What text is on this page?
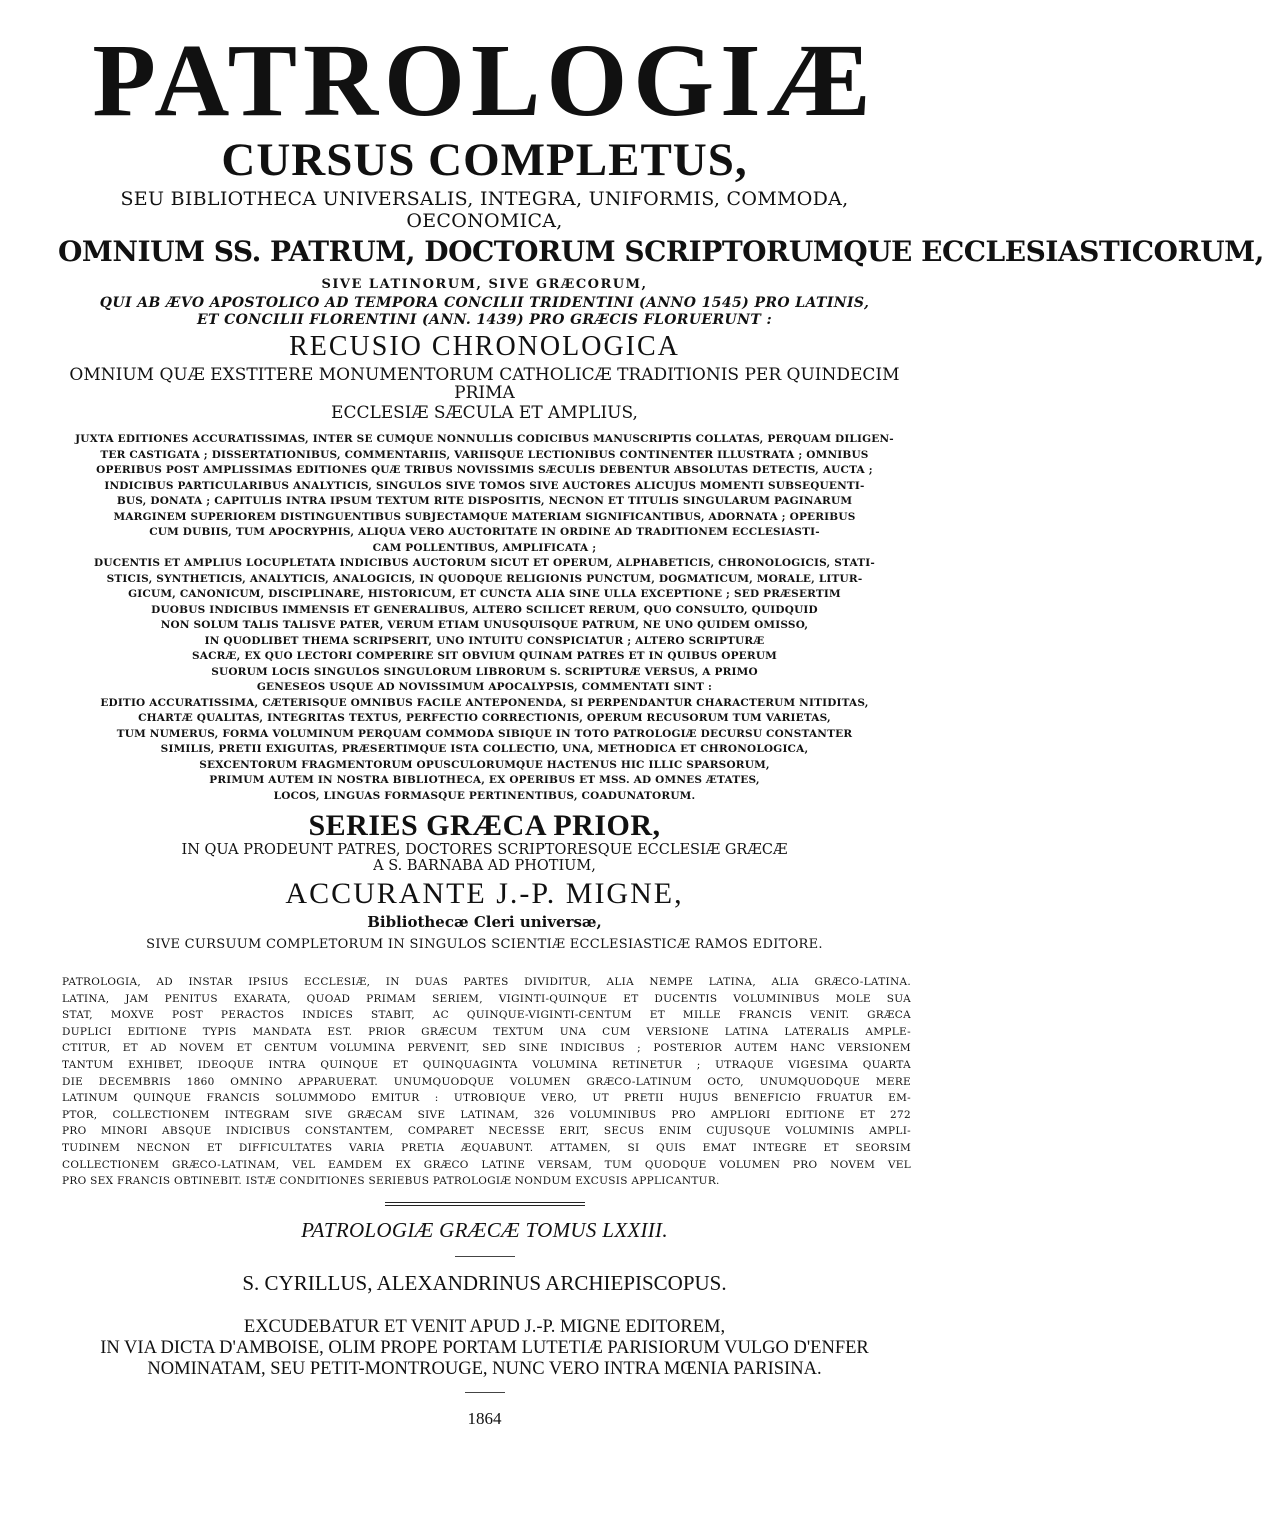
PATROLOGIÆ
CURSUS COMPLETUS,
SEU BIBLIOTHECA UNIVERSALIS, INTEGRA, UNIFORMIS, COMMODA, OECONOMICA,
OMNIUM SS. PATRUM, DOCTORUM SCRIPTORUMQUE ECCLESIASTICORUM,
SIVE LATINORUM, SIVE GRÆCORUM,
QUI AB ÆVO APOSTOLICO AD TEMPORA CONCILII TRIDENTINI (ANNO 1545) PRO LATINIS,
ET CONCILII FLORENTINI (ANN. 1439) PRO GRÆCIS FLORUERUNT :
RECUSIO CHRONOLOGICA
OMNIUM QUÆ EXSTITERE MONUMENTORUM CATHOLICÆ TRADITIONIS PER QUINDECIM PRIMA
ECCLESIÆ SÆCULA ET AMPLIUS,
JUXTA EDITIONES ACCURATISSIMAS, INTER SE CUMQUE NONNULLIS CODICIBUS MANUSCRIPTIS COLLATAS, PERQUAM DILIGEN-
TER CASTIGATA ; DISSERTATIONIBUS, COMMENTARIIS, VARIISQUE LECTIONIBUS CONTINENTER ILLUSTRATA ; OMNIBUS
OPERIBUS POST AMPLISSIMAS EDITIONES QUÆ TRIBUS NOVISSIMIS SÆCULIS DEBENTUR ABSOLUTAS DETECTIS, AUCTA ;
INDICIBUS PARTICULARIBUS ANALYTICIS, SINGULOS SIVE TOMOS SIVE AUCTORES ALICUJUS MOMENTI SUBSEQUENTI-
BUS, DONATA ; CAPITULIS INTRA IPSUM TEXTUM RITE DISPOSITIS, NECNON ET TITULIS SINGULARUM PAGINARUM
MARGINEM SUPERIOREM DISTINGUENTIBUS SUBJECTAMQUE MATERIAM SIGNIFICANTIBUS, ADORNATA ; OPERIBUS
CUM DUBIIS, TUM APOCRYPHIS, ALIQUA VERO AUCTORITATE IN ORDINE AD TRADITIONEM ECCLESIASTI-
CAM POLLENTIBUS, AMPLIFICATA ;
DUCENTIS ET AMPLIUS LOCUPLETATA INDICIBUS AUCTORUM SICUT ET OPERUM, ALPHABETICIS, CHRONOLOGICIS, STATI-
STICIS, SYNTHETICIS, ANALYTICIS, ANALOGICIS, IN QUODQUE RELIGIONIS PUNCTUM, DOGMATICUM, MORALE, LITUR-
GICUM, CANONICUM, DISCIPLINARE, HISTORICUM, ET CUNCTA ALIA SINE ULLA EXCEPTIONE ; SED PRÆSERTIM
DUOBUS INDICIBUS IMMENSIS ET GENERALIBUS, ALTERO SCILICET RERUM, QUO CONSULTO, QUIDQUID
NON SOLUM TALIS TALISVE PATER, VERUM ETIAM UNUSQUISQUE PATRUM, NE UNO QUIDEM OMISSO,
IN QUODLIBET THEMA SCRIPSERIT, UNO INTUITU CONSPICIATUR ; ALTERO SCRIPTURÆ
SACRÆ, EX QUO LECTORI COMPERIRE SIT OBVIUM QUINAM PATRES ET IN QUIBUS OPERUM
SUORUM LOCIS SINGULOS SINGULORUM LIBRORUM S. SCRIPTURÆ VERSUS, A PRIMO
GENESEOS USQUE AD NOVISSIMUM APOCALYPSIS, COMMENTATI SINT :
EDITIO ACCURATISSIMA, CÆTERISQUE OMNIBUS FACILE ANTEPONENDA, SI PERPENDANTUR CHARACTERUM NITIDITAS,
CHARTÆ QUALITAS, INTEGRITAS TEXTUS, PERFECTIO CORRECTIONIS, OPERUM RECUSORUM TUM VARIETAS,
TUM NUMERUS, FORMA VOLUMINUM PERQUAM COMMODA SIBIQUE IN TOTO PATROLOGIÆ DECURSU CONSTANTER
SIMILIS, PRETII EXIGUITAS, PRÆSERTIMQUE ISTA COLLECTIO, UNA, METHODICA ET CHRONOLOGICA,
SEXCENTORUM FRAGMENTORUM OPUSCULORUMQUE HACTENUS HIC ILLIC SPARSORUM,
PRIMUM AUTEM IN NOSTRA BIBLIOTHECA, EX OPERIBUS ET MSS. AD OMNES ÆTATES,
LOCOS, LINGUAS FORMASQUE PERTINENTIBUS, COADUNATORUM.
SERIES GRÆCA PRIOR,
IN QUA PRODEUNT PATRES, DOCTORES SCRIPTORESQUE ECCLESIÆ GRÆCÆ
A S. BARNABA AD PHOTIUM,
ACCURANTE J.-P. MIGNE,
Bibliothecæ Cleri universæ,
SIVE CURSUUM COMPLETORUM IN SINGULOS SCIENTIÆ ECCLESIASTICÆ RAMOS EDITORE.
PATROLOGIA, AD INSTAR IPSIUS ECCLESIÆ, IN DUAS PARTES DIVIDITUR, ALIA NEMPE LATINA, ALIA GRÆCO-LATINA.
LATINA, JAM PENITUS EXARATA, QUOAD PRIMAM SERIEM, VIGINTI-QUINQUE ET DUCENTIS VOLUMINIBUS MOLE SUA
STAT, MOXVE POST PERACTOS INDICES STABIT, AC QUINQUE-VIGINTI-CENTUM ET MILLE FRANCIS VENIT. GRÆCA
DUPLICI EDITIONE TYPIS MANDATA EST. PRIOR GRÆCUM TEXTUM UNA CUM VERSIONE LATINA LATERALIS AMPLE-
CTITUR, ET AD NOVEM ET CENTUM VOLUMINA PERVENIT, SED SINE INDICIBUS ; POSTERIOR AUTEM HANC VERSIONEM
TANTUM EXHIBET, IDEOQUE INTRA QUINQUE ET QUINQUAGINTA VOLUMINA RETINETUR ; UTRAQUE VIGESIMA QUARTA
DIE DECEMBRIS 1860 OMNINO APPARUERAT. UNUMQUODQUE VOLUMEN GRÆCO-LATINUM OCTO, UNUMQUODQUE MERE
LATINUM QUINQUE FRANCIS SOLUMMODO EMITUR : UTROBIQUE VERO, UT PRETII HUJUS BENEFICIO FRUATUR EM-
PTOR, COLLECTIONEM INTEGRAM SIVE GRÆCAM SIVE LATINAM, 326 VOLUMINIBUS PRO AMPLIORI EDITIONE ET 272
PRO MINORI ABSQUE INDICIBUS CONSTANTEM, COMPARET NECESSE ERIT, SECUS ENIM CUJUSQUE VOLUMINIS AMPLI-
TUDINEM NECNON ET DIFFICULTATES VARIA PRETIA ÆQUABUNT. ATTAMEN, SI QUIS EMAT INTEGRE ET SEORSIM
COLLECTIONEM GRÆCO-LATINAM, VEL EAMDEM EX GRÆCO LATINE VERSAM, TUM QUODQUE VOLUMEN PRO NOVEM VEL
PRO SEX FRANCIS OBTINEBIT. ISTÆ CONDITIONES SERIEBUS PATROLOGIÆ NONDUM EXCUSIS APPLICANTUR.
PATROLOGIÆ GRÆCÆ TOMUS LXXIII.
S. CYRILLUS, ALEXANDRINUS ARCHIEPISCOPUS.
EXCUDEBATUR ET VENIT APUD J.-P. MIGNE EDITOREM,
IN VIA DICTA D'AMBOISE, OLIM PROPE PORTAM LUTETIÆ PARISIORUM VULGO D'ENFER
NOMINATAM, SEU PETIT-MONTROUGE, NUNC VERO INTRA MŒNIA PARISINA.
1864
